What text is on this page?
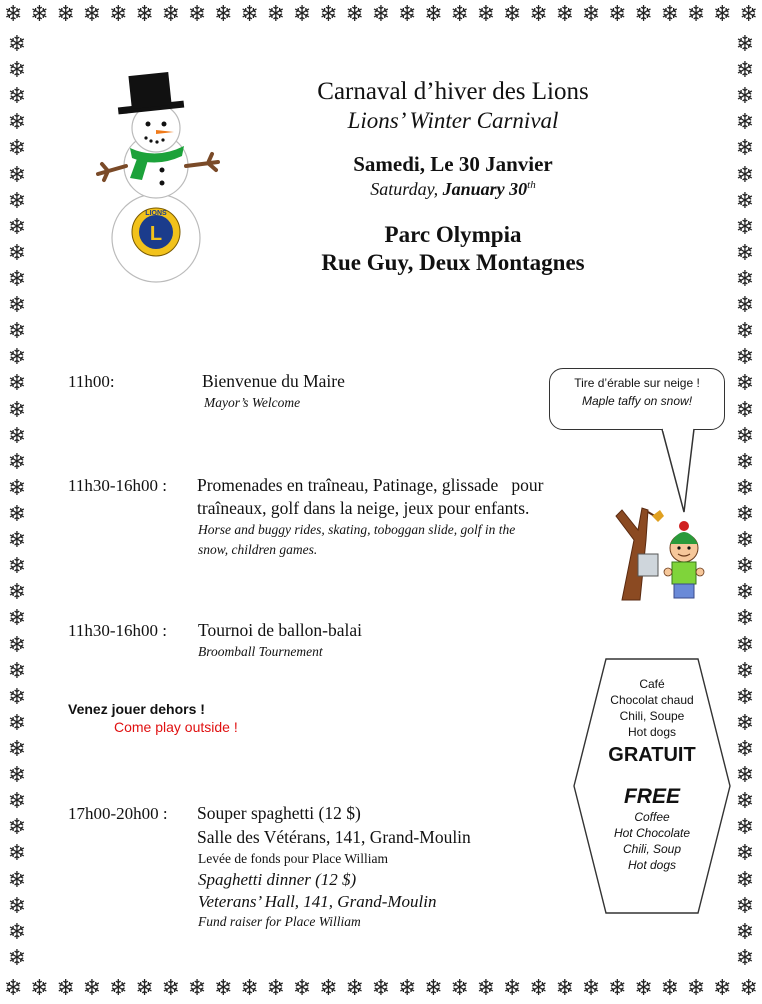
❄ ❄ ❄ ❄ ❄ ❄ ❄ ❄ ❄ ❄ ❄ ❄ ❄ ❄ ❄ ❄ ❄ ❄ ❄ ❄ ❄ ❄ ❄ ❄ ❄ ❄ ❄ ❄ ❄
❄ ❄ ❄ ❄ ❄ ❄ ❄ ❄ ❄ ❄ ❄ ❄ ❄ ❄ ❄ ❄ ❄ ❄ ❄ ❄ ❄ ❄ ❄ ❄ ❄ ❄ ❄ ❄ ❄
❄
❄
❄
❄
❄
❄
❄
❄
❄
❄
❄
❄
❄
❄
❄
❄
❄
❄
❄
❄
❄
❄
❄
❄
❄
❄
❄
❄
❄
❄
❄
❄
❄
❄
❄
❄
❄
❄
❄
❄
❄
❄
❄
❄
❄
❄
❄
❄
❄
❄
❄
❄
❄
❄
❄
❄
❄
❄
❄
❄
❄
❄
❄
❄
❄
❄
❄
❄
❄
❄
❄
❄
L
LIONS
Carnaval d’hiver des Lions
Lions’ Winter Carnival
Samedi, Le 30 Janvier
Saturday, January 30th
Parc Olympia
Rue Guy, Deux Montagnes
Tire d’érable sur neige !
Maple taffy on snow!
11h00:	Bienvenue du Maire
Mayor’s Welcome
11h30-16h00 : Promenades en traîneau, Patinage, glissade   pour
traîneaux, golf dans la neige, jeux pour enfants.
Horse and buggy rides, skating, toboggan slide, golf in the
snow, children games.
11h30-16h00 : Tournoi de ballon-balai
Broomball Tournement
17h00-20h00 : Souper spaghetti (12 $)
Salle des Vétérans, 141, Grand-Moulin
Levée de fonds pour Place William
Spaghetti dinner (12 $)
Veterans’ Hall, 141, Grand-Moulin
Fund raiser for Place William
Venez jouer dehors !
Come play outside !
Café
Chocolat chaud
Chili, Soupe
Hot dogs
GRATUIT
FREE
Coffee
Hot Chocolate
Chili, Soup
Hot dogs
